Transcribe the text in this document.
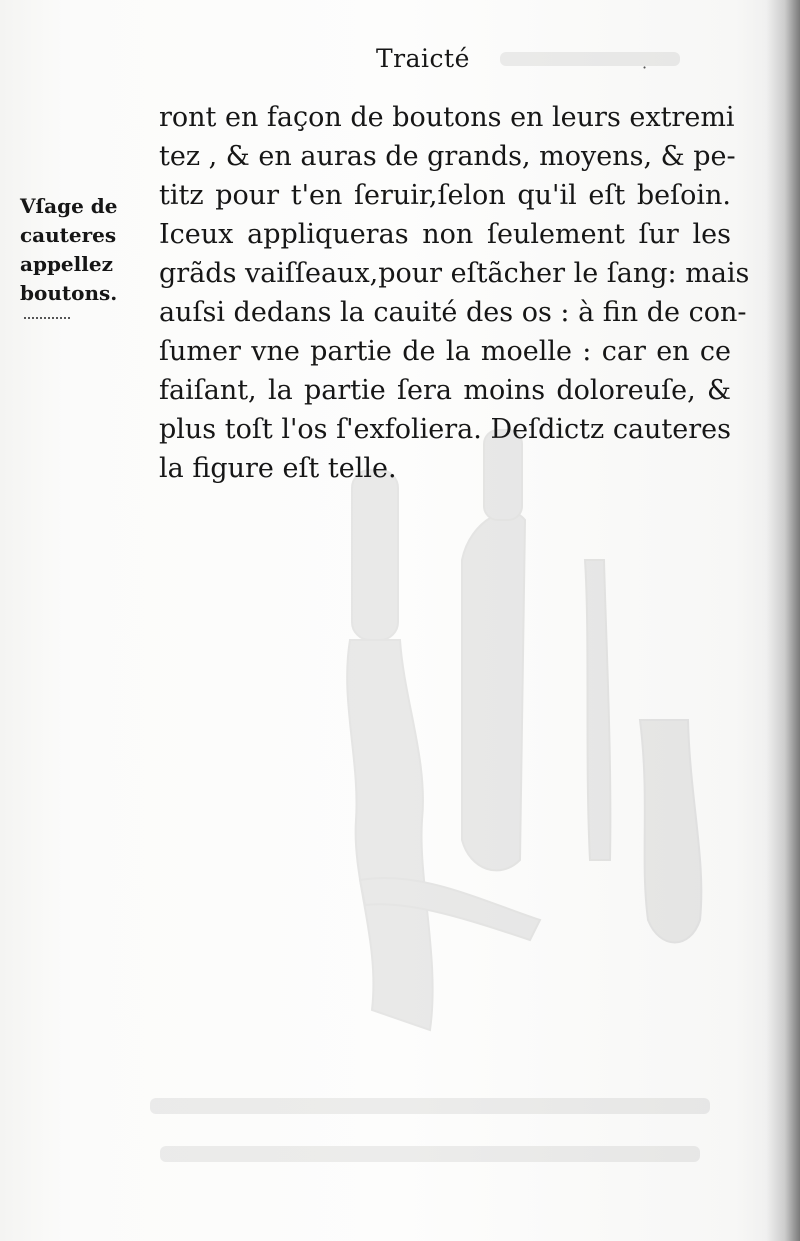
Traicté	·
Vſage de
cauteres
appellez
boutons.
ront en façon de boutons en leurs extremi
tez , & en auras de grands, moyens, & pe-
titz pour t'en ſeruir,ſelon qu'il eſt beſoin.
Iceux appliqueras non ſeulement ſur les
grãds vaiſſeaux,pour eſtãcher le ſang: mais
auſsi dedans la cauité des os : à fin de con-
ſumer vne partie de la moelle : car en ce
faiſant, la partie ſera moins doloreuſe, &
plus toſt l'os ſ'exfoliera. Deſdictz cauteres
la figure eſt telle.
